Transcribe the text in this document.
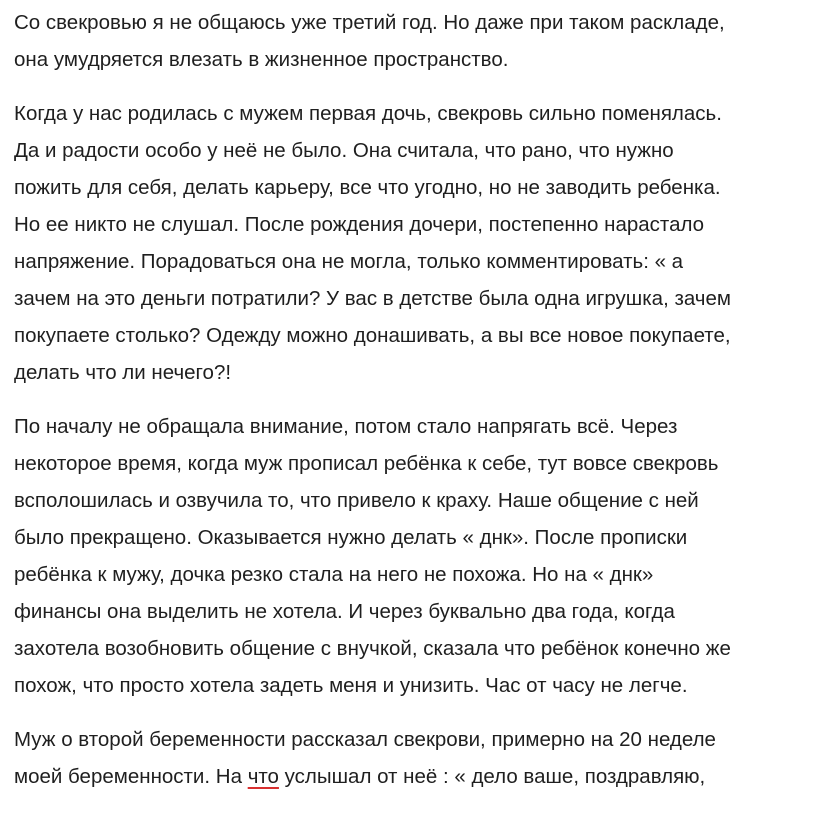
Со свекровью я не общаюсь уже третий год. Но даже при таком раскладе,
она умудряется влезать в жизненное пространство.

Когда у нас родилась с мужем первая дочь, свекровь сильно поменялась.
Да и радости особо у неё не было. Она считала, что рано, что нужно
пожить для себя, делать карьеру, все что угодно, но не заводить ребенка.
Но ее никто не слушал. После рождения дочери, постепенно нарастало
напряжение. Порадоваться она не могла, только комментировать: « а
зачем на это деньги потратили? У вас в детстве была одна игрушка, зачем
покупаете столько? Одежду можно донашивать, а вы все новое покупаете,
делать что ли нечего?!

По началу не обращала внимание, потом стало напрягать всё. Через
некоторое время, когда муж прописал ребёнка к себе, тут вовсе свекровь
всполошилась и озвучила то, что привело к краху. Наше общение с ней
было прекращено. Оказывается нужно делать « днк». После прописки
ребёнка к мужу, дочка резко стала на него не похожа. Но на « днк»
финансы она выделить не хотела. И через буквально два года, когда
захотела возобновить общение с внучкой, сказала что ребёнок конечно же
похож, что просто хотела задеть меня и унизить. Час от часу не легче.

Муж о второй беременности рассказал свекрови, примерно на 20 неделе
моей беременности. На что услышал от неё : « дело ваше, поздравляю,
